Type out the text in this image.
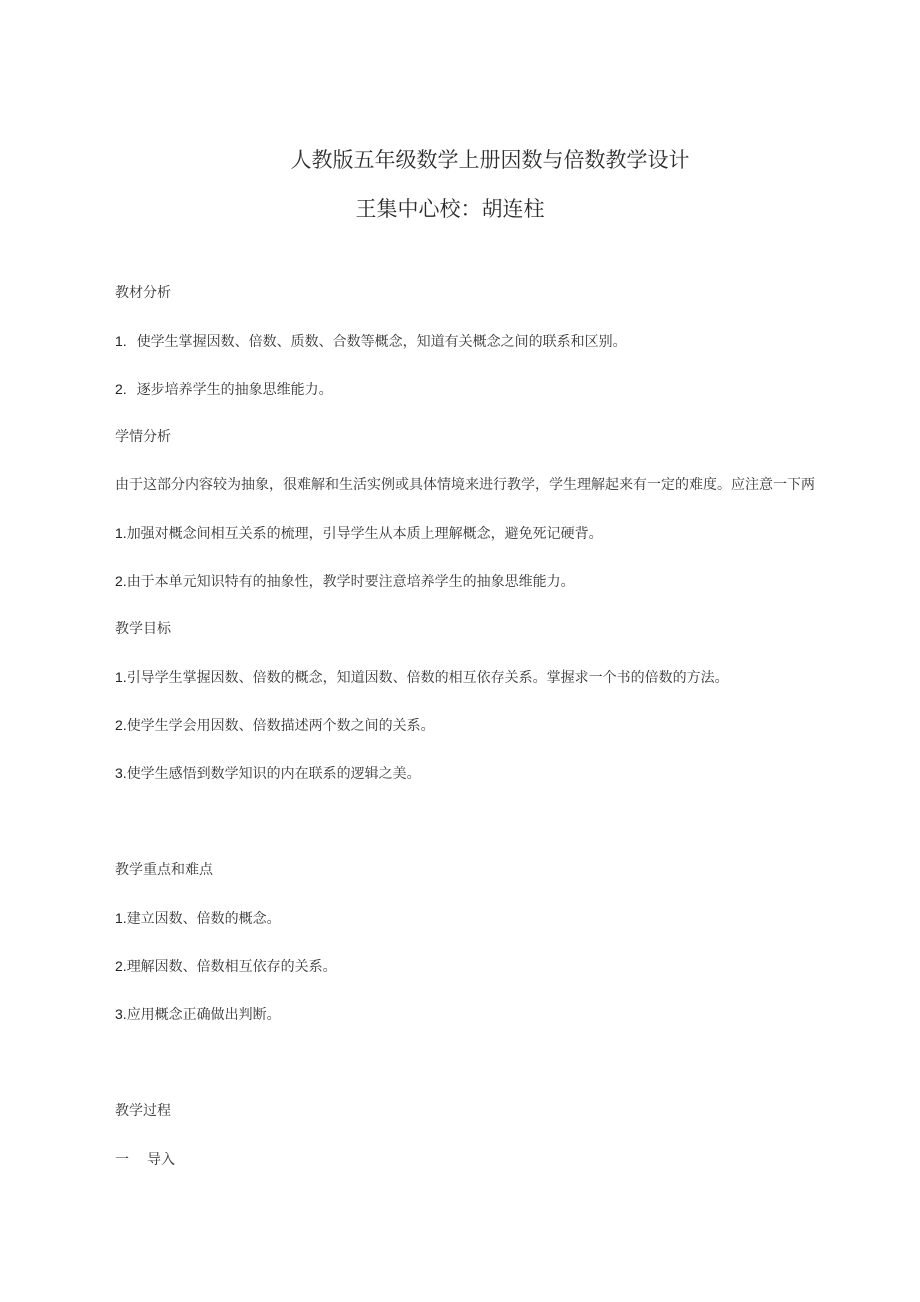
人教版五年级数学上册因数与倍数教学设计
王集中心校：胡连柱
教材分析
1. 使学生掌握因数、倍数、质数、合数等概念，知道有关概念之间的联系和区别。
2. 逐步培养学生的抽象思维能力。
学情分析
由于这部分内容较为抽象，很难解和生活实例或具体情境来进行教学，学生理解起来有一定的难度。应注意一下两
1.加强对概念间相互关系的梳理，引导学生从本质上理解概念，避免死记硬背。
2.由于本单元知识特有的抽象性，教学时要注意培养学生的抽象思维能力。
教学目标
1.引导学生掌握因数、倍数的概念，知道因数、倍数的相互依存关系。掌握求一个书的倍数的方法。
2.使学生学会用因数、倍数描述两个数之间的关系。
3.使学生感悟到数学知识的内在联系的逻辑之美。
教学重点和难点
1.建立因数、倍数的概念。
2.理解因数、倍数相互依存的关系。
3.应用概念正确做出判断。
教学过程
一 导入
